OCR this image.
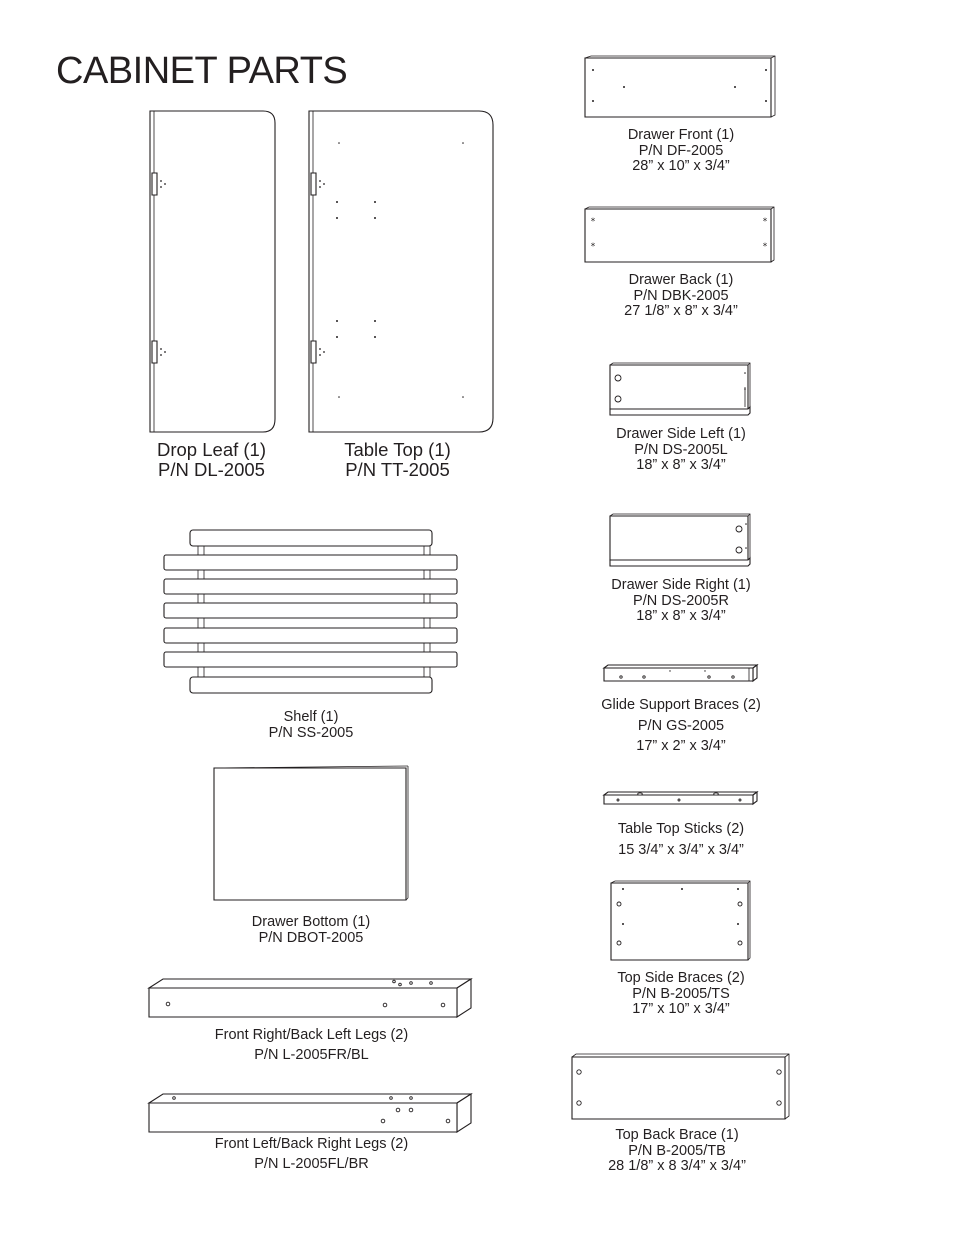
CABINET PARTS
Drop Leaf (1)
P/N DL-2005
Table Top (1)
P/N TT-2005
Shelf (1)
P/N SS-2005
Drawer Bottom (1)
P/N DBOT-2005
Front Right/Back Left Legs (2)
P/N L-2005FR/BL
Front Left/Back Right Legs (2)
P/N L-2005FL/BR
Drawer Front (1)
P/N DF-2005
28” x 10” x 3/4”
*	*
*	*
Drawer Back (1)
P/N DBK-2005
27 1/8” x 8” x 3/4”
Drawer Side Left (1)
P/N DS-2005L
18” x 8” x 3/4”
Drawer Side Right (1)
P/N DS-2005R
18” x 8” x 3/4”
Glide Support Braces (2)
P/N GS-2005
17” x 2” x 3/4”
Table Top Sticks (2)
15 3/4” x 3/4” x 3/4”
Top Side Braces (2)
P/N B-2005/TS
17” x 10” x 3/4”
Top Back Brace (1)
P/N B-2005/TB
28 1/8” x 8 3/4” x 3/4”
